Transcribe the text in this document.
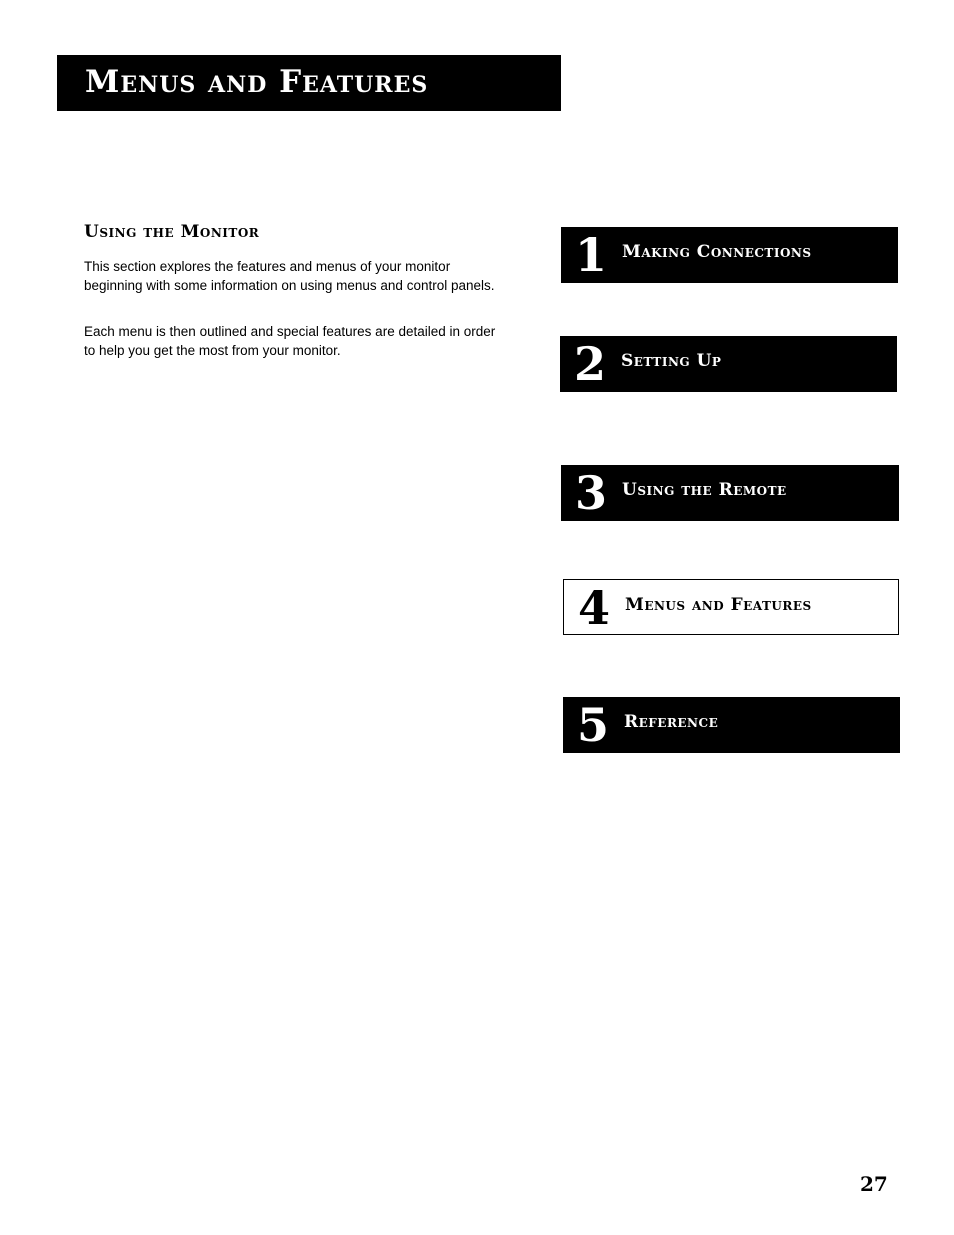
Menus and Features
Using the Monitor

This section explores the features and menus of your monitor beginning with some information on using menus and control panels.

Each menu is then outlined and special features are detailed in order to help you get the most from your monitor.

1 Making Connections
2 Setting Up
3 Using the Remote
4 Menus and Features
5 Reference
27
